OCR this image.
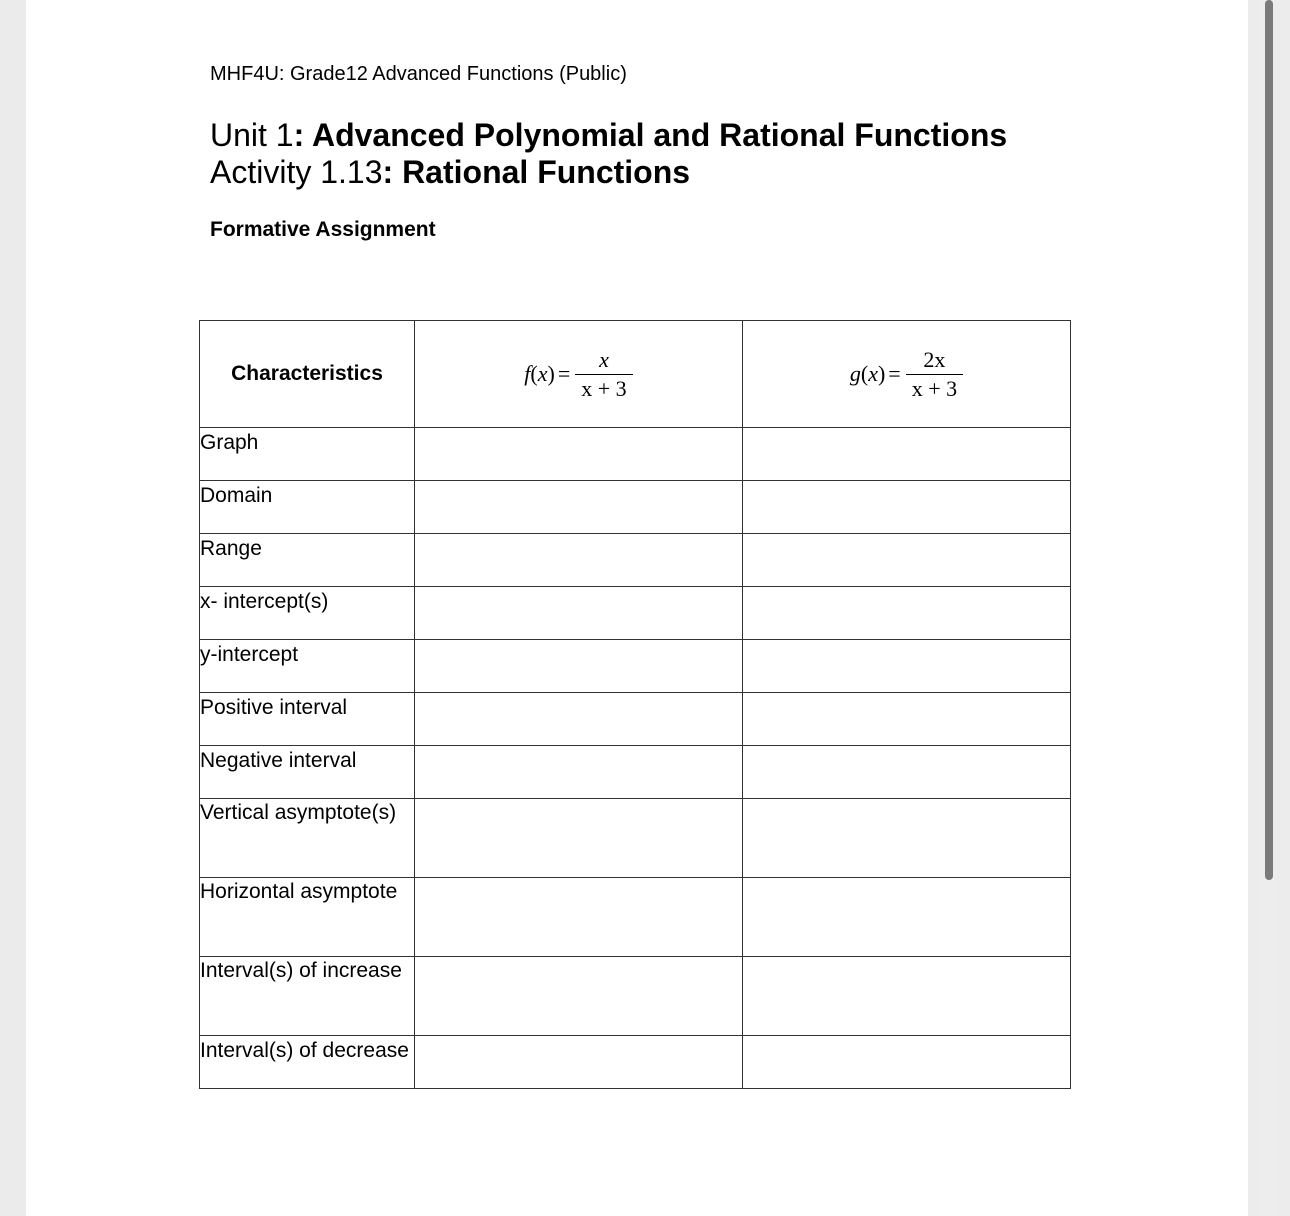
MHF4U: Grade12 Advanced Functions (Public)
Unit 1: Advanced Polynomial and Rational Functions
Activity 1.13: Rational Functions
Formative Assignment
Characteristics	$f(x) = \frac{x}{x + 3}$	$g(x) = \frac{2x}{x + 3}$

Graph		
Domain		
Range		
x- intercept(s)		
y-intercept		
Positive interval		
Negative interval		
Vertical asymptote(s)		
Horizontal asymptote		
Interval(s) of increase		
Interval(s) of decrease		
